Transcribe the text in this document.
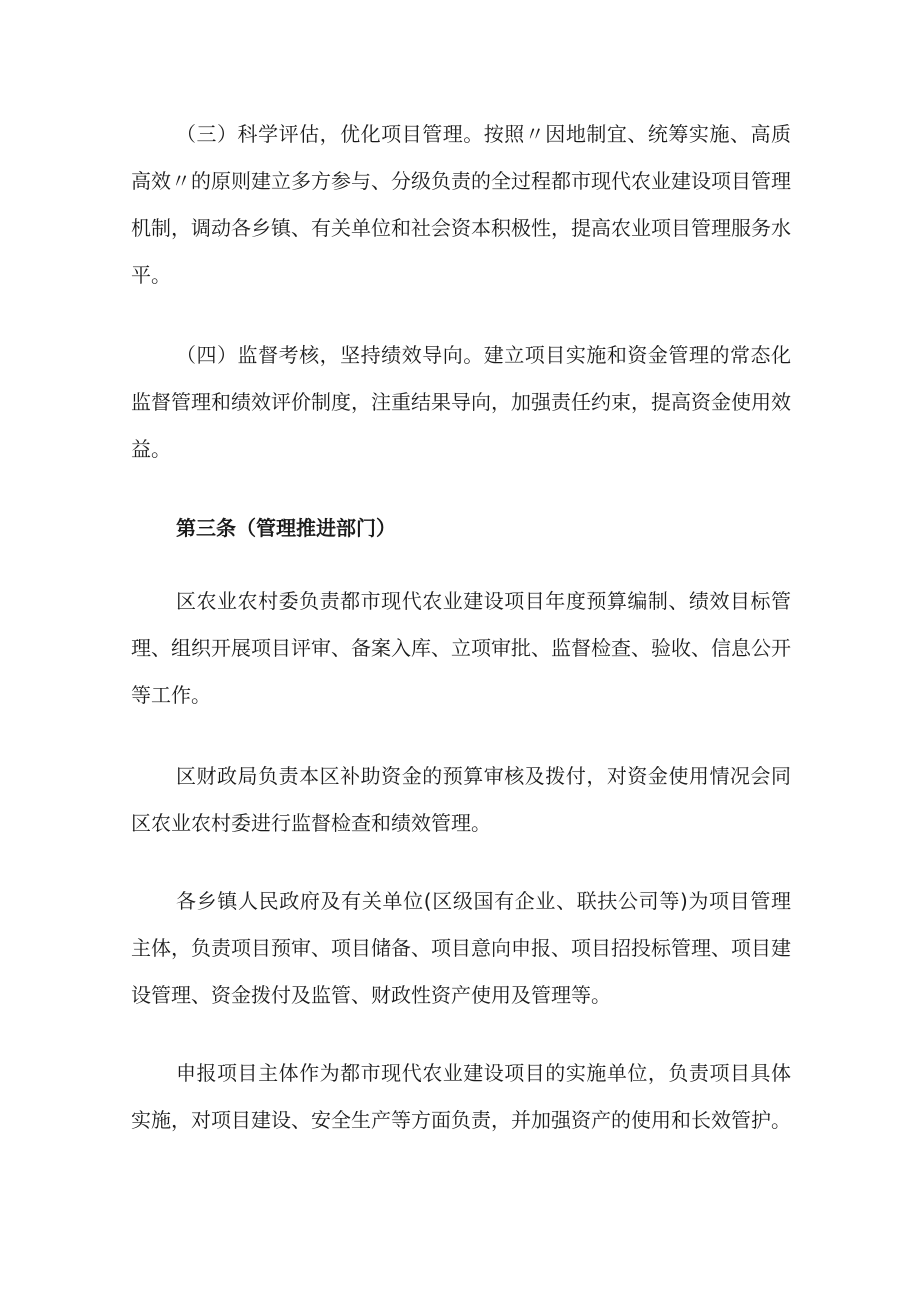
（三）科学评估，优化项目管理。按照〃因地制宜、统筹实施、高质高效〃的原则建立多方参与、分级负责的全过程都市现代农业建设项目管理机制，调动各乡镇、有关单位和社会资本积极性，提高农业项目管理服务水平。

（四）监督考核，坚持绩效导向。建立项目实施和资金管理的常态化监督管理和绩效评价制度，注重结果导向，加强责任约束，提高资金使用效益。

第三条（管理推进部门）

区农业农村委负责都市现代农业建设项目年度预算编制、绩效目标管理、组织开展项目评审、备案入库、立项审批、监督检查、验收、信息公开等工作。

区财政局负责本区补助资金的预算审核及拨付，对资金使用情况会同区农业农村委进行监督检查和绩效管理。

各乡镇人民政府及有关单位(区级国有企业、联扶公司等)为项目管理主体，负责项目预审、项目储备、项目意向申报、项目招投标管理、项目建设管理、资金拨付及监管、财政性资产使用及管理等。

申报项目主体作为都市现代农业建设项目的实施单位，负责项目具体实施，对项目建设、安全生产等方面负责，并加强资产的使用和长效管护。
